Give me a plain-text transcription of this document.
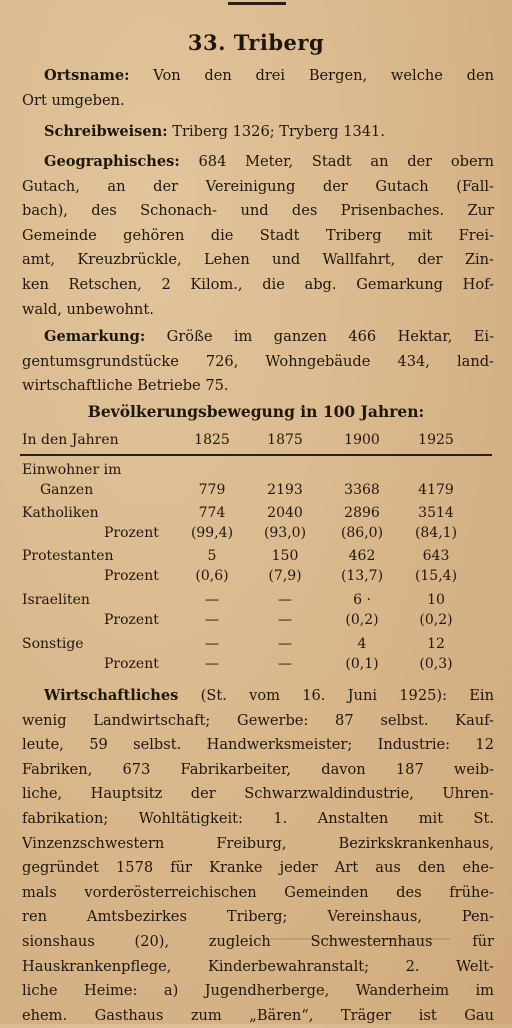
33. Triberg
Ortsname: Von den drei Bergen, welche den
Ort umgeben.
Schreibweisen: Triberg 1326; Tryberg 1341.
Geographisches: 684 Meter, Stadt an der obern
Gutach, an der Vereinigung der Gutach (Fall-
bach), des Schonach- und des Prisenbaches. Zur
Gemeinde gehören die Stadt Triberg mit Frei-
amt, Kreuzbrückle, Lehen und Wallfahrt, der Zin-
ken Retschen, 2 Kilom., die abg. Gemarkung Hof-
wald, unbewohnt.
Gemarkung: Größe im ganzen 466 Hektar, Ei-
gentumsgrundstücke 726, Wohngebäude 434, land-
wirtschaftliche Betriebe 75.
Bevölkerungsbewegung in 100 Jahren:
In den Jahren	1825	1875	1900	1925
Einwohner im
Ganzen	779	2193	3368	4179
Katholiken	774	2040	2896	3514
Prozent (99,4) (93,0) (86,0) (84,1)
Protestanten	5	150	462	643
Prozent	(0,6)	(7,9)	(13,7) (15,4)
Israeliten	—	—	6 ·	10
Prozent	—	—	(0,2)	(0,2)
Sonstige	—	—	4	12
Prozent	—	—	(0,1)	(0,3)
Wirtschaftliches (St. vom 16. Juni 1925): Ein
wenig Landwirtschaft; Gewerbe: 87 selbst. Kauf-
leute, 59 selbst. Handwerksmeister; Industrie: 12
Fabriken, 673 Fabrikarbeiter, davon 187 weib-
liche, Hauptsitz der Schwarzwaldindustrie, Uhren-
fabrikation; Wohltätigkeit: 1. Anstalten mit St.
Vinzenzschwestern Freiburg, Bezirkskrankenhaus,
gegründet 1578 für Kranke jeder Art aus den ehe-
mals vorderösterreichischen Gemeinden des frühe-
ren Amtsbezirkes Triberg; Vereinshaus, Pen-
sionshaus (20), zugleich Schwesternhaus für
Hauskrankenpflege, Kinderbewahranstalt; 2. Welt-
liche Heime: a) Jugendherberge, Wanderheim im
ehem. Gasthaus zum „Bären“, Träger ist Gau
